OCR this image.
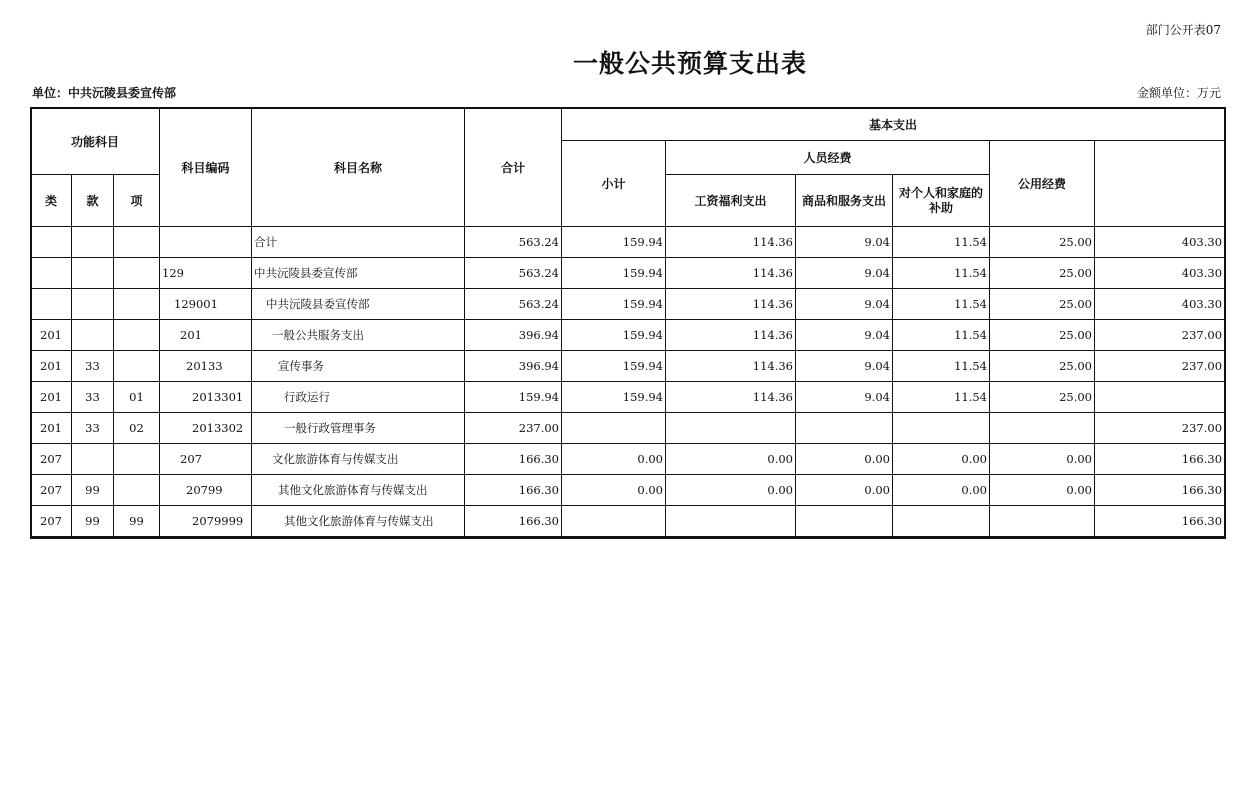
部门公开表07
一般公共预算支出表
单位：中共沅陵县委宣传部	金额单位：万元
功能科目			科目编码	科目名称	合计	基本支出	
						小计	人员经费			公用经费		
类	款	项					工资福利支出	商品和服务支出	对个人和家庭的补助			
				合计	563.24	159.94	114.36	9.04	11.54	25.00	403.30	
			129	中共沅陵县委宣传部	563.24	159.94	114.36	9.04	11.54	25.00	403.30	
			129001	中共沅陵县委宣传部	563.24	159.94	114.36	9.04	11.54	25.00	403.30	
201			201	一般公共服务支出	396.94	159.94	114.36	9.04	11.54	25.00	237.00	
201	33		20133	宣传事务	396.94	159.94	114.36	9.04	11.54	25.00	237.00	
201	33	01	2013301	行政运行	159.94	159.94	114.36	9.04	11.54	25.00		
201	33	02	2013302	一般行政管理事务	237.00						237.00	
207			207	文化旅游体育与传媒支出	166.30	0.00	0.00	0.00	0.00	0.00	166.30	
207	99		20799	其他文化旅游体育与传媒支出	166.30	0.00	0.00	0.00	0.00	0.00	166.30	
207	99	99	2079999	其他文化旅游体育与传媒支出	166.30						166.30	
